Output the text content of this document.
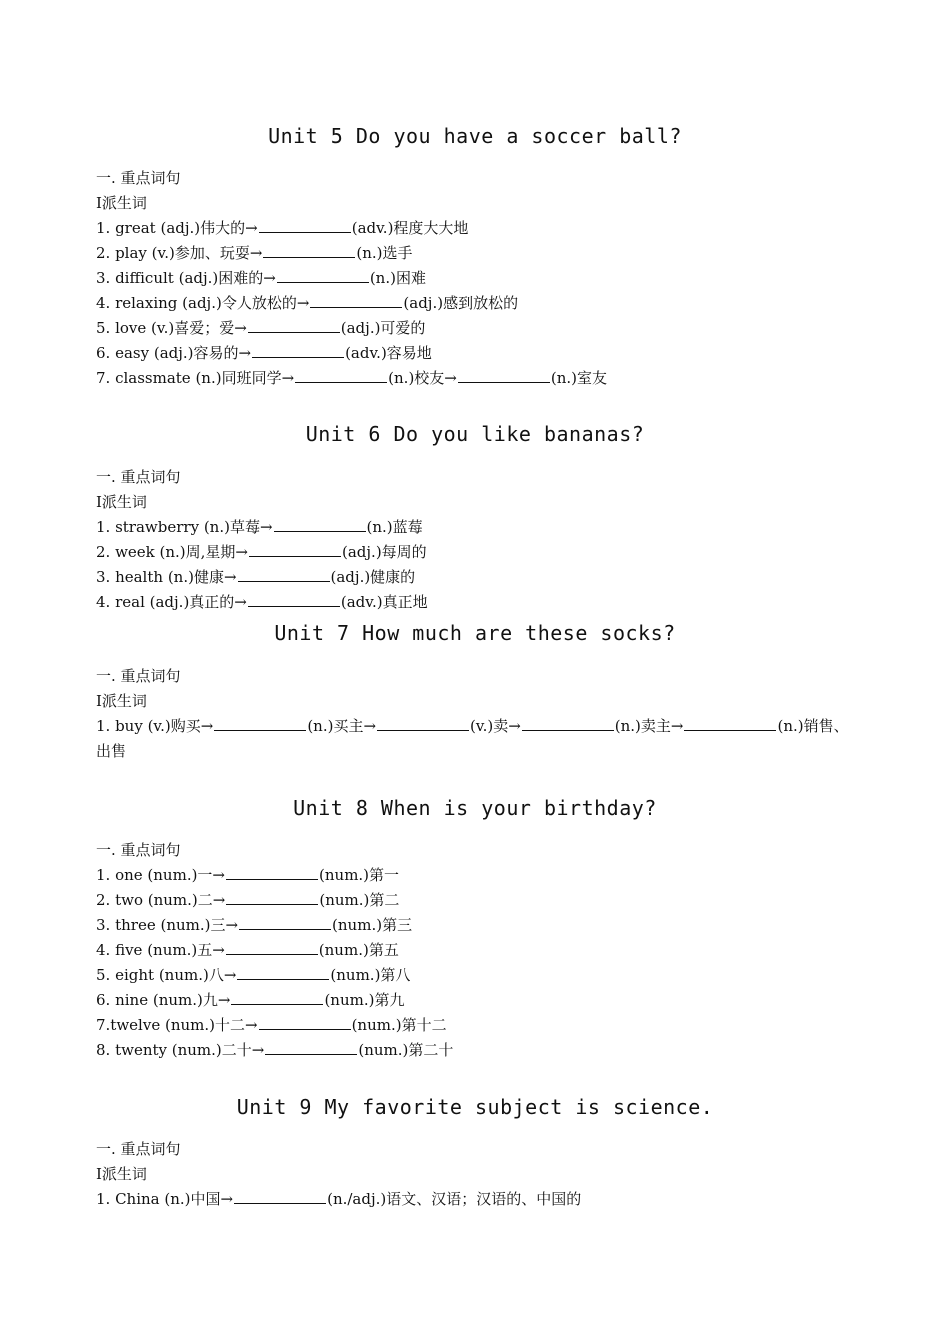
Unit 5 Do you have a soccer ball?
一. 重点词句
I派生词
1. great (adj.)伟大的→	(adv.)程度大大地
2. play (v.)参加、玩耍→	(n.)选手
3. difficult (adj.)困难的→	(n.)困难
4. relaxing (adj.)令人放松的→	(adj.)感到放松的
5. love (v.)喜爱；爱→	(adj.)可爱的
6. easy (adj.)容易的→	(adv.)容易地
7. classmate (n.)同班同学→	(n.)校友→	(n.)室友
Unit 6 Do you like bananas?
一. 重点词句
I派生词
1. strawberry (n.)草莓→	(n.)蓝莓
2. week (n.)周,星期→	(adj.)每周的
3. health (n.)健康→	(adj.)健康的
4. real (adj.)真正的→	(adv.)真正地
Unit 7 How much are these socks?
一. 重点词句
I派生词
1. buy (v.)购买→	(n.)买主→	(v.)卖→	(n.)卖主→	(n.)销售、
出售
Unit 8 When is your birthday?
一. 重点词句
1. one (num.)一→	(num.)第一
2. two (num.)二→	(num.)第二
3. three (num.)三→	(num.)第三
4. five (num.)五→	(num.)第五
5. eight (num.)八→	(num.)第八
6. nine (num.)九→	(num.)第九
7.twelve (num.)十二→	(num.)第十二
8. twenty (num.)二十→	(num.)第二十
Unit 9 My favorite subject is science.
一. 重点词句
I派生词
1. China (n.)中国→	(n./adj.)语文、汉语；汉语的、中国的
